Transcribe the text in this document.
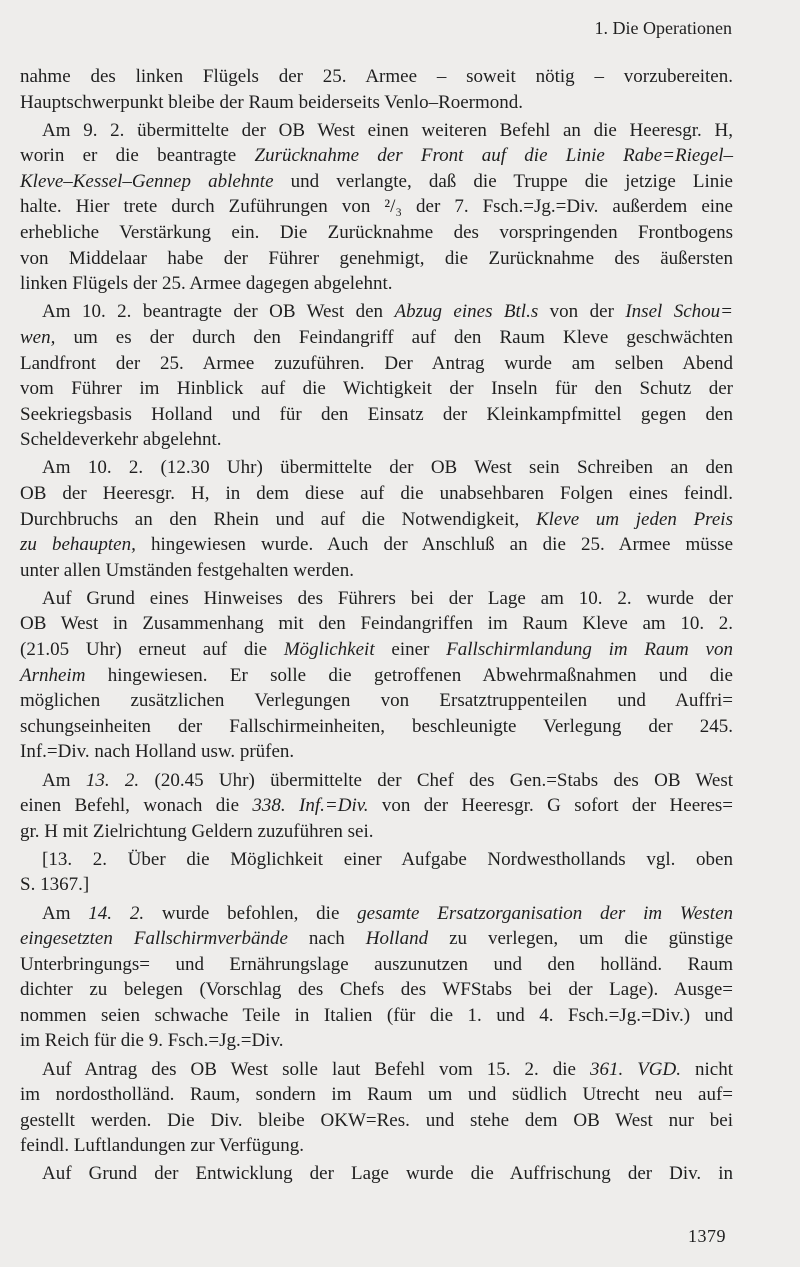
1. Die Operationen
nahme des linken Flügels der 25. Armee – soweit nötig – vorzubereiten.
Hauptschwerpunkt bleibe der Raum beiderseits Venlo–Roermond.
Am 9. 2. übermittelte der OB West einen weiteren Befehl an die Heeresgr. H,
worin er die beantragte Zurücknahme der Front auf die Linie Rabe=Riegel–
Kleve–Kessel–Gennep ablehnte und verlangte, daß die Truppe die jetzige Linie
halte. Hier trete durch Zuführungen von ²/₃ der 7. Fsch.=Jg.=Div. außerdem eine
erhebliche Verstärkung ein. Die Zurücknahme des vorspringenden Frontbogens
von Middelaar habe der Führer genehmigt, die Zurücknahme des äußersten
linken Flügels der 25. Armee dagegen abgelehnt.
Am 10. 2. beantragte der OB West den Abzug eines Btl.s von der Insel Schou=
wen, um es der durch den Feindangriff auf den Raum Kleve geschwächten
Landfront der 25. Armee zuzuführen. Der Antrag wurde am selben Abend
vom Führer im Hinblick auf die Wichtigkeit der Inseln für den Schutz der
Seekriegsbasis Holland und für den Einsatz der Kleinkampfmittel gegen den
Scheldeverkehr abgelehnt.
Am 10. 2. (12.30 Uhr) übermittelte der OB West sein Schreiben an den
OB der Heeresgr. H, in dem diese auf die unabsehbaren Folgen eines feindl.
Durchbruchs an den Rhein und auf die Notwendigkeit, Kleve um jeden Preis
zu behaupten, hingewiesen wurde. Auch der Anschluß an die 25. Armee müsse
unter allen Umständen festgehalten werden.
Auf Grund eines Hinweises des Führers bei der Lage am 10. 2. wurde der
OB West in Zusammenhang mit den Feindangriffen im Raum Kleve am 10. 2.
(21.05 Uhr) erneut auf die Möglichkeit einer Fallschirmlandung im Raum von
Arnheim hingewiesen. Er solle die getroffenen Abwehrmaßnahmen und die
möglichen zusätzlichen Verlegungen von Ersatztruppenteilen und Auffri=
schungseinheiten der Fallschirmeinheiten, beschleunigte Verlegung der 245.
Inf.=Div. nach Holland usw. prüfen.
Am 13. 2. (20.45 Uhr) übermittelte der Chef des Gen.=Stabs des OB West
einen Befehl, wonach die 338. Inf.=Div. von der Heeresgr. G sofort der Heeres=
gr. H mit Zielrichtung Geldern zuzuführen sei.
[13. 2. Über die Möglichkeit einer Aufgabe Nordwesthollands vgl. oben
S. 1367.]
Am 14. 2. wurde befohlen, die gesamte Ersatzorganisation der im Westen
eingesetzten Fallschirmverbände nach Holland zu verlegen, um die günstige
Unterbringungs= und Ernährungslage auszunutzen und den holländ. Raum
dichter zu belegen (Vorschlag des Chefs des WFStabs bei der Lage). Ausge=
nommen seien schwache Teile in Italien (für die 1. und 4. Fsch.=Jg.=Div.) und
im Reich für die 9. Fsch.=Jg.=Div.
Auf Antrag des OB West solle laut Befehl vom 15. 2. die 361. VGD. nicht
im nordostholländ. Raum, sondern im Raum um und südlich Utrecht neu auf=
gestellt werden. Die Div. bleibe OKW=Res. und stehe dem OB West nur bei
feindl. Luftlandungen zur Verfügung.
Auf Grund der Entwicklung der Lage wurde die Auffrischung der Div. in
1379
